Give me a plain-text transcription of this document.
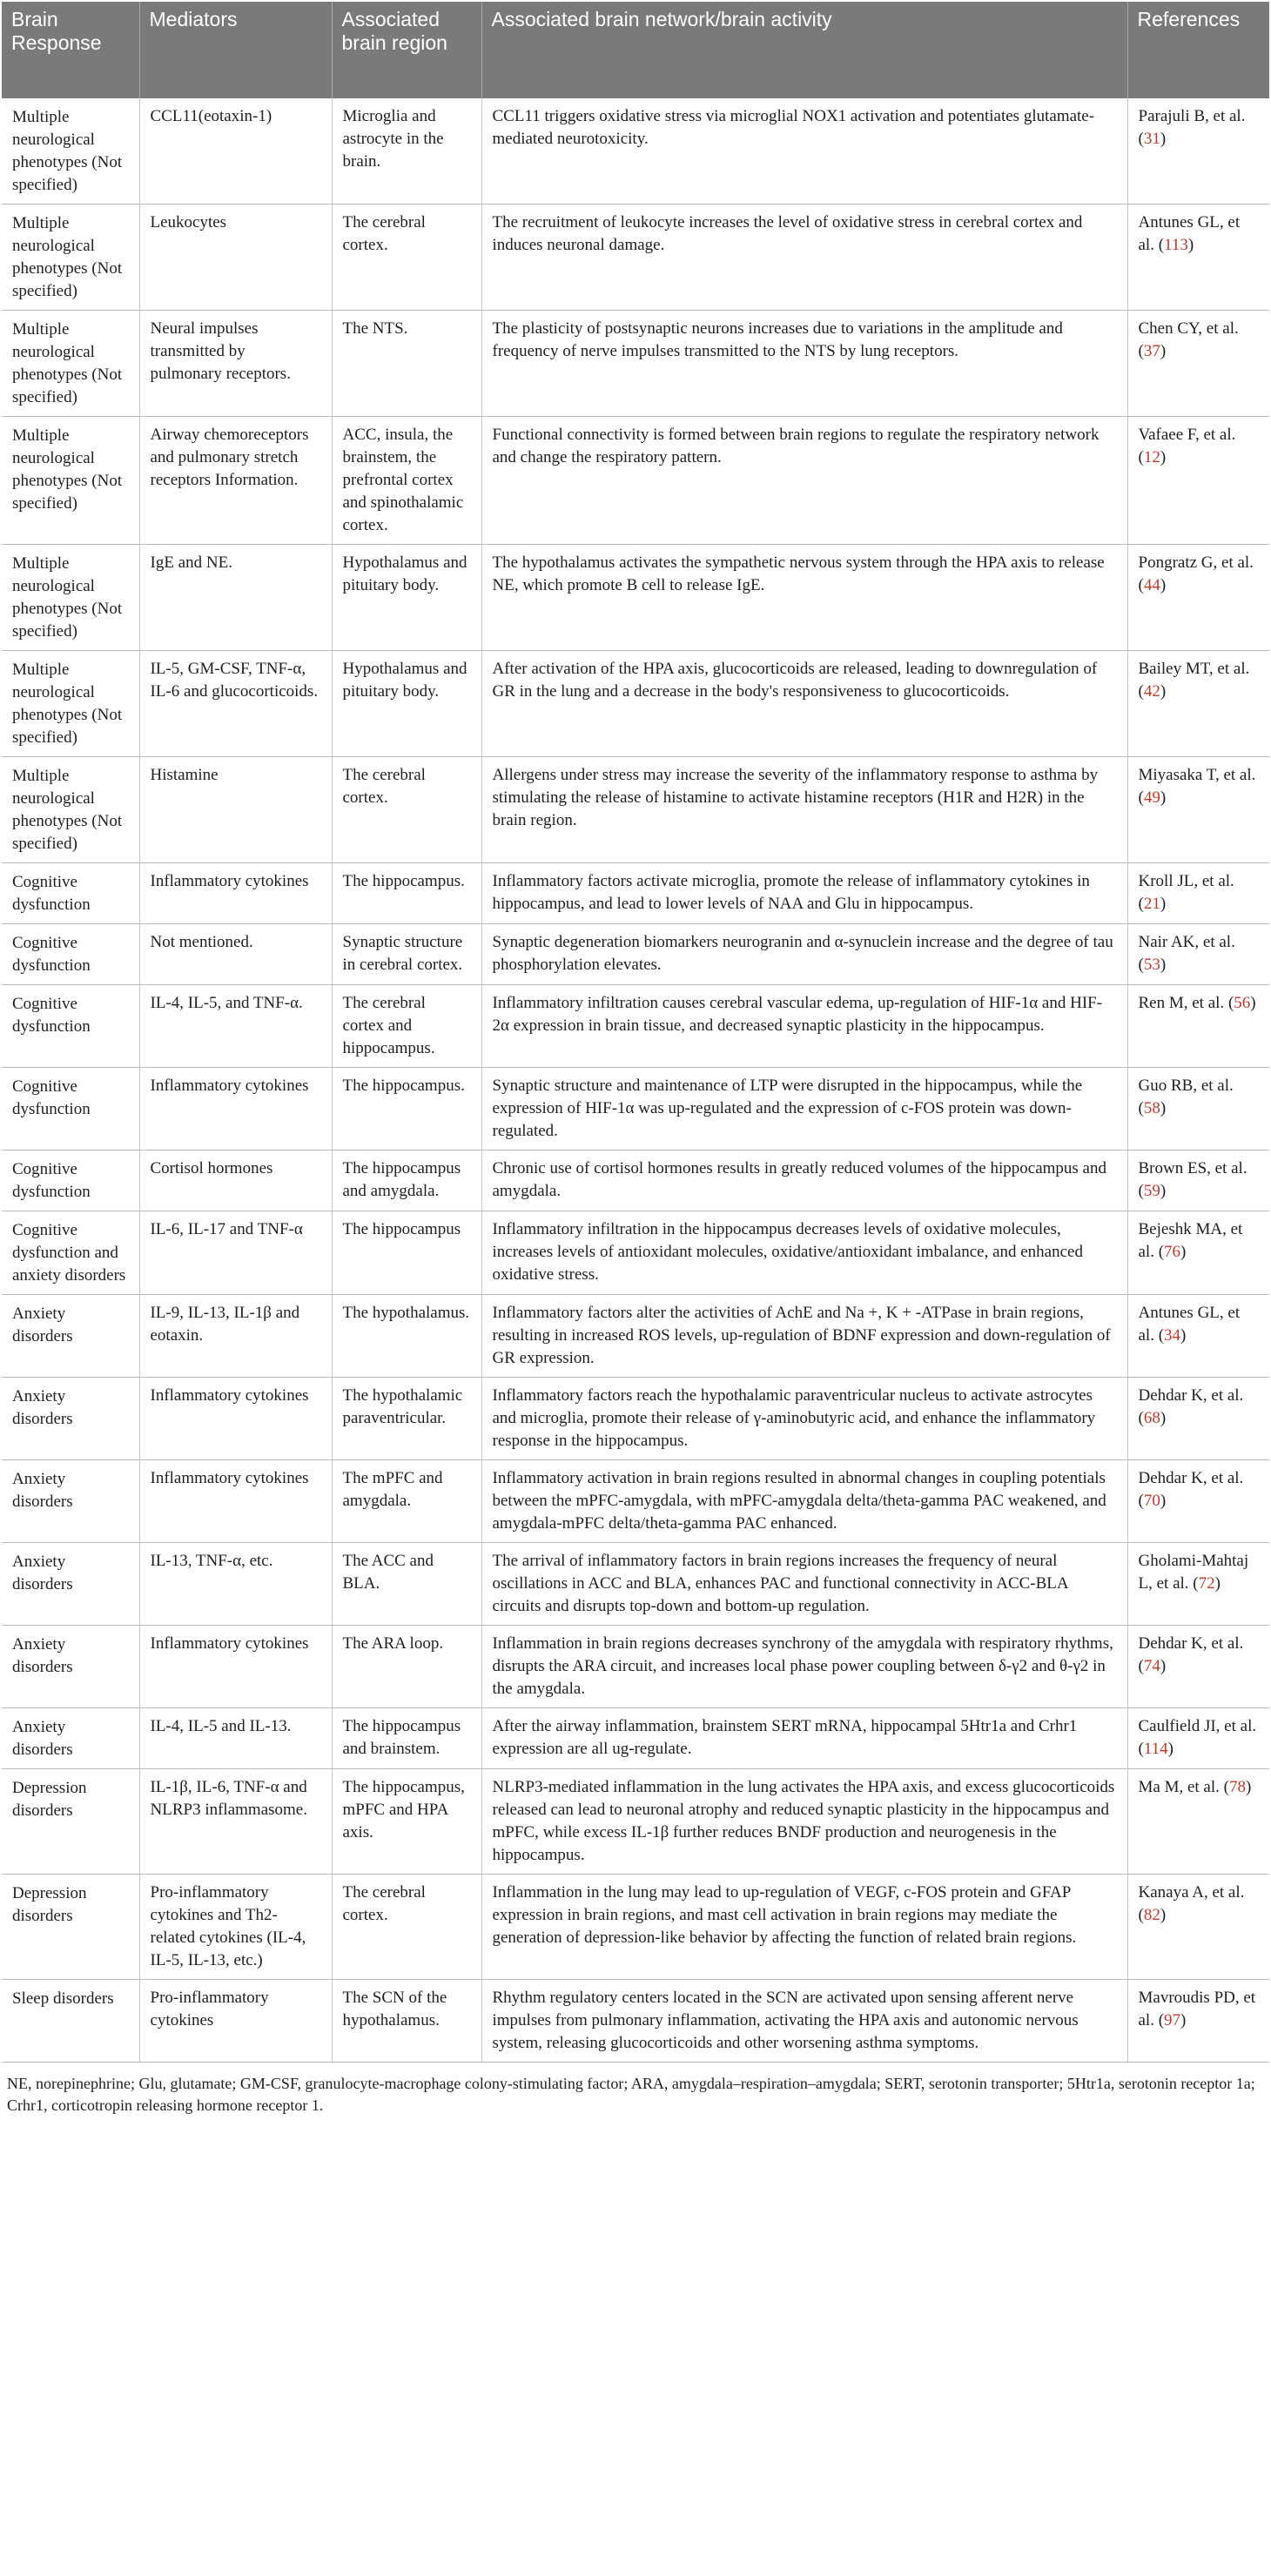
Brain Response	Mediators	Associated brain region	Associated brain network/brain activity	References
Multiple neurological phenotypes (Not specified)	CCL11(eotaxin-1)	Microglia and astrocyte in the brain.	CCL11 triggers oxidative stress via microglial NOX1 activation and potentiates glutamate-mediated neurotoxicity.	Parajuli B, et al. (31)
Multiple neurological phenotypes (Not specified)	Leukocytes	The cerebral cortex.	The recruitment of leukocyte increases the level of oxidative stress in cerebral cortex and induces neuronal damage.	Antunes GL, et al. (113)
Multiple neurological phenotypes (Not specified)	Neural impulses transmitted by pulmonary receptors.	The NTS.	The plasticity of postsynaptic neurons increases due to variations in the amplitude and frequency of nerve impulses transmitted to the NTS by lung receptors.	Chen CY, et al. (37)
Multiple neurological phenotypes (Not specified)	Airway chemoreceptors and pulmonary stretch receptors Information.	ACC, insula, the brainstem, the prefrontal cortex and spinothalamic cortex.	Functional connectivity is formed between brain regions to regulate the respiratory network and change the respiratory pattern.	Vafaee F, et al. (12)
Multiple neurological phenotypes (Not specified)	IgE and NE.	Hypothalamus and pituitary body.	The hypothalamus activates the sympathetic nervous system through the HPA axis to release NE, which promote B cell to release IgE.	Pongratz G, et al. (44)
Multiple neurological phenotypes (Not specified)	IL-5, GM-CSF, TNF-α, IL-6 and glucocorticoids.	Hypothalamus and pituitary body.	After activation of the HPA axis, glucocorticoids are released, leading to downregulation of GR in the lung and a decrease in the body's responsiveness to glucocorticoids.	Bailey MT, et al. (42)
Multiple neurological phenotypes (Not specified)	Histamine	The cerebral cortex.	Allergens under stress may increase the severity of the inflammatory response to asthma by stimulating the release of histamine to activate histamine receptors (H1R and H2R) in the brain region.	Miyasaka T, et al. (49)
Cognitive dysfunction	Inflammatory cytokines	The hippocampus.	Inflammatory factors activate microglia, promote the release of inflammatory cytokines in hippocampus, and lead to lower levels of NAA and Glu in hippocampus.	Kroll JL, et al. (21)
Cognitive dysfunction	Not mentioned.	Synaptic structure in cerebral cortex.	Synaptic degeneration biomarkers neurogranin and α-synuclein increase and the degree of tau phosphorylation elevates.	Nair AK, et al. (53)
Cognitive dysfunction	IL-4, IL-5, and TNF-α.	The cerebral cortex and hippocampus.	Inflammatory infiltration causes cerebral vascular edema, up-regulation of HIF-1α and HIF-2α expression in brain tissue, and decreased synaptic plasticity in the hippocampus.	Ren M, et al. (56)
Cognitive dysfunction	Inflammatory cytokines	The hippocampus.	Synaptic structure and maintenance of LTP were disrupted in the hippocampus, while the expression of HIF-1α was up-regulated and the expression of c-FOS protein was down-regulated.	Guo RB, et al. (58)
Cognitive dysfunction	Cortisol hormones	The hippocampus and amygdala.	Chronic use of cortisol hormones results in greatly reduced volumes of the hippocampus and amygdala.	Brown ES, et al. (59)
Cognitive dysfunction and anxiety disorders	IL-6, IL-17 and TNF-α	The hippocampus	Inflammatory infiltration in the hippocampus decreases levels of oxidative molecules, increases levels of antioxidant molecules, oxidative/antioxidant imbalance, and enhanced oxidative stress.	Bejeshk MA, et al. (76)
Anxiety disorders	IL-9, IL-13, IL-1β and eotaxin.	The hypothalamus.	Inflammatory factors alter the activities of AchE and Na +, K + -ATPase in brain regions, resulting in increased ROS levels, up-regulation of BDNF expression and down-regulation of GR expression.	Antunes GL, et al. (34)
Anxiety disorders	Inflammatory cytokines	The hypothalamic paraventricular.	Inflammatory factors reach the hypothalamic paraventricular nucleus to activate astrocytes and microglia, promote their release of γ-aminobutyric acid, and enhance the inflammatory response in the hippocampus.	Dehdar K, et al. (68)
Anxiety disorders	Inflammatory cytokines	The mPFC and amygdala.	Inflammatory activation in brain regions resulted in abnormal changes in coupling potentials between the mPFC-amygdala, with mPFC-amygdala delta/theta-gamma PAC weakened, and amygdala-mPFC delta/theta-gamma PAC enhanced.	Dehdar K, et al. (70)
Anxiety disorders	IL-13, TNF-α, etc.	The ACC and BLA.	The arrival of inflammatory factors in brain regions increases the frequency of neural oscillations in ACC and BLA, enhances PAC and functional connectivity in ACC-BLA circuits and disrupts top-down and bottom-up regulation.	Gholami-Mahtaj L, et al. (72)
Anxiety disorders	Inflammatory cytokines	The ARA loop.	Inflammation in brain regions decreases synchrony of the amygdala with respiratory rhythms, disrupts the ARA circuit, and increases local phase power coupling between δ-γ2 and θ-γ2 in the amygdala.	Dehdar K, et al. (74)
Anxiety disorders	IL-4, IL-5 and IL-13.	The hippocampus and brainstem.	After the airway inflammation, brainstem SERT mRNA, hippocampal 5Htr1a and Crhr1 expression are all ug-regulate.	Caulfield JI, et al. (114)
Depression disorders	IL-1β, IL-6, TNF-α and NLRP3 inflammasome.	The hippocampus, mPFC and HPA axis.	NLRP3-mediated inflammation in the lung activates the HPA axis, and excess glucocorticoids released can lead to neuronal atrophy and reduced synaptic plasticity in the hippocampus and mPFC, while excess IL-1β further reduces BNDF production and neurogenesis in the hippocampus.	Ma M, et al. (78)
Depression disorders	Pro-inflammatory cytokines and Th2-related cytokines (IL-4, IL-5, IL-13, etc.)	The cerebral cortex.	Inflammation in the lung may lead to up-regulation of VEGF, c-FOS protein and GFAP expression in brain regions, and mast cell activation in brain regions may mediate the generation of depression-like behavior by affecting the function of related brain regions.	Kanaya A, et al. (82)
Sleep disorders	Pro-inflammatory cytokines	The SCN of the hypothalamus.	Rhythm regulatory centers located in the SCN are activated upon sensing afferent nerve impulses from pulmonary inflammation, activating the HPA axis and autonomic nervous system, releasing glucocorticoids and other worsening asthma symptoms.	Mavroudis PD, et al. (97)
NE, norepinephrine; Glu, glutamate; GM-CSF, granulocyte-macrophage colony-stimulating factor; ARA, amygdala–respiration–amygdala; SERT, serotonin transporter; 5Htr1a, serotonin receptor 1a; Crhr1, corticotropin releasing hormone receptor 1.
